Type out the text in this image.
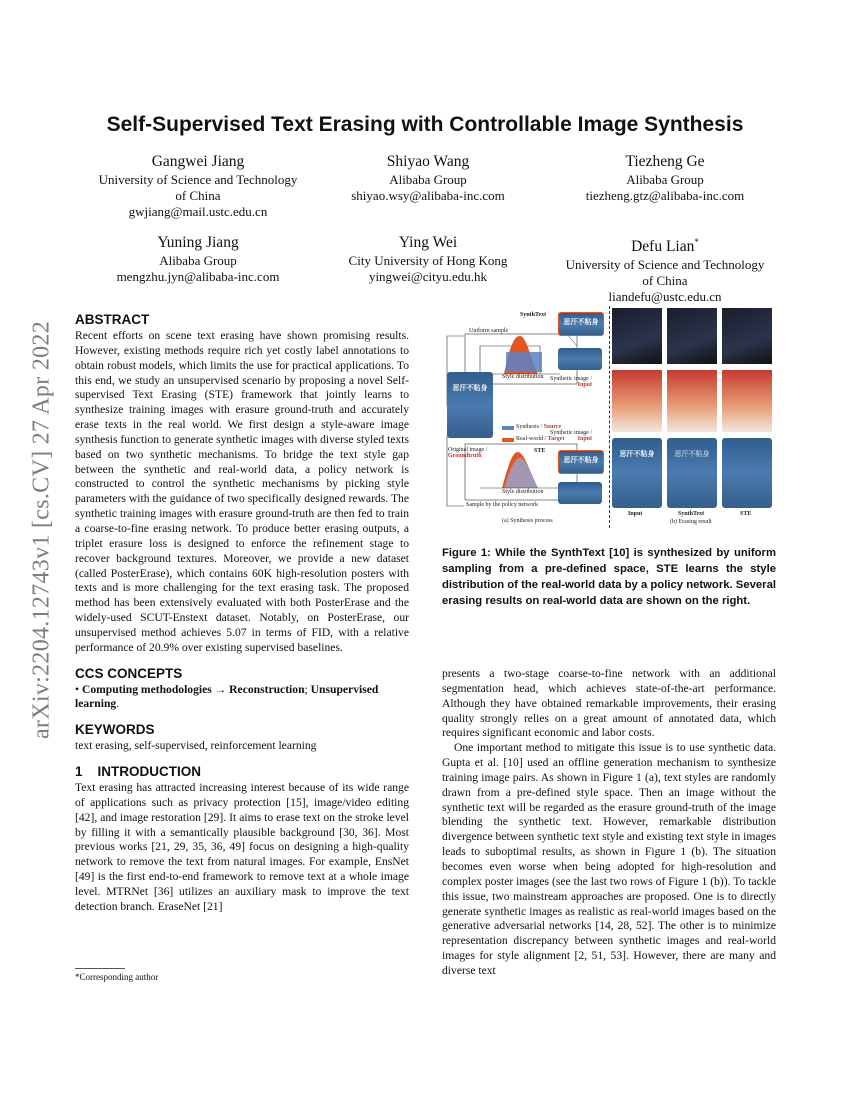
arXiv:2204.12743v1 [cs.CV] 27 Apr 2022
Self-Supervised Text Erasing with Controllable Image Synthesis
Gangwei Jiang
University of Science and Technology of China
gwjiang@mail.ustc.edu.cn
Shiyao Wang
Alibaba Group
shiyao.wsy@alibaba-inc.com
Tiezheng Ge
Alibaba Group
tiezheng.gtz@alibaba-inc.com
Yuning Jiang
Alibaba Group
mengzhu.jyn@alibaba-inc.com
Ying Wei
City University of Hong Kong
yingwei@cityu.edu.hk
Defu Lian*
University of Science and Technology of China
liandefu@ustc.edu.cn

ABSTRACT

Recent efforts on scene text erasing have shown promising results. However, existing methods require rich yet costly label annotations to obtain robust models, which limits the use for practical applications. To this end, we study an unsupervised scenario by proposing a novel Self-supervised Text Erasing (STE) framework that jointly learns to synthesize training images with erasure ground-truth and accurately erase texts in the real world. We first design a style-aware image synthesis function to generate synthetic images with diverse styled texts based on two synthetic mechanisms. To bridge the text style gap between the synthetic and real-world data, a policy network is constructed to control the synthetic mechanisms by picking style parameters with the guidance of two specifically designed rewards. The synthetic training images with erasure ground-truth are then fed to train a coarse-to-fine erasing network. To produce better erasing outputs, a triplet erasure loss is designed to enforce the refinement stage to recover background textures. Moreover, we provide a new dataset (called PosterErase), which contains 60K high-resolution posters with texts and is more challenging for the text erasing task. The proposed method has been extensively evaluated with both PosterErase and the widely-used SCUT-Enstext dataset. Notably, on PosterErase, our unsupervised method achieves 5.07 in terms of FID, with a relative performance of 20.9% over existing supervised baselines.

CCS CONCEPTS

• Computing methodologies → Reconstruction; Unsupervised learning.

KEYWORDS

text erasing, self-supervised, reinforcement learning

1    INTRODUCTION

Text erasing has attracted increasing interest because of its wide range of applications such as privacy protection [15], image/video editing [42], and image restoration [29]. It aims to erase text on the stroke level by filling it with a semantically plausible background [30, 36]. Most previous works [21, 29, 35, 36, 49] focus on designing a high-quality network to remove the text from natural images. For example, EnsNet [49] is the first end-to-end framework to remove text at a whole image level. MTRNet [36] utilizes an auxiliary mask to improve the text detection branch. EraseNet [21]

*Corresponding author
SynthText
Uniform sample
Style distribution Synthetic image /
Input
Synthesis / Source
Real-world / Target
Synthetic image /
Input
Original image /
Groundtruth
STE
Style distribution
Sample by the policy network
(a) Synthesis process
思汗不粘身
思汗不粘身
思汗不粘身
思汗不粘身	思汗不粘身
Input	SynthText	STE
(b) Erasing result
Figure 1: While the SynthText [10] is synthesized by uniform sampling from a pre-defined space, STE learns the style distribution of the real-world data by a policy network. Several erasing results on real-world data are shown on the right.

presents a two-stage coarse-to-fine network with an additional segmentation head, which achieves state-of-the-art performance. Although they have obtained remarkable improvements, their erasing quality strongly relies on a great amount of annotated data, which requires significant economic and labor costs.

One important method to mitigate this issue is to use synthetic data. Gupta et al. [10] used an offline generation mechanism to synthesize training image pairs. As shown in Figure 1 (a), text styles are randomly drawn from a pre-defined style space. Then an image without the synthetic text will be regarded as the erasure ground-truth of the image blending the synthetic text. However, remarkable distribution divergence between synthetic text style and existing text style in images leads to suboptimal results, as shown in Figure 1 (b). The situation becomes even worse when being adopted for high-resolution and complex poster images (see the last two rows of Figure 1 (b)). To tackle this issue, two mainstream approaches are proposed. One is to directly generate synthetic images as realistic as real-world images based on the generative adversarial networks [14, 28, 52]. The other is to minimize representation discrepancy between synthetic images and real-world images for style alignment [2, 51, 53]. However, there are many and diverse text
